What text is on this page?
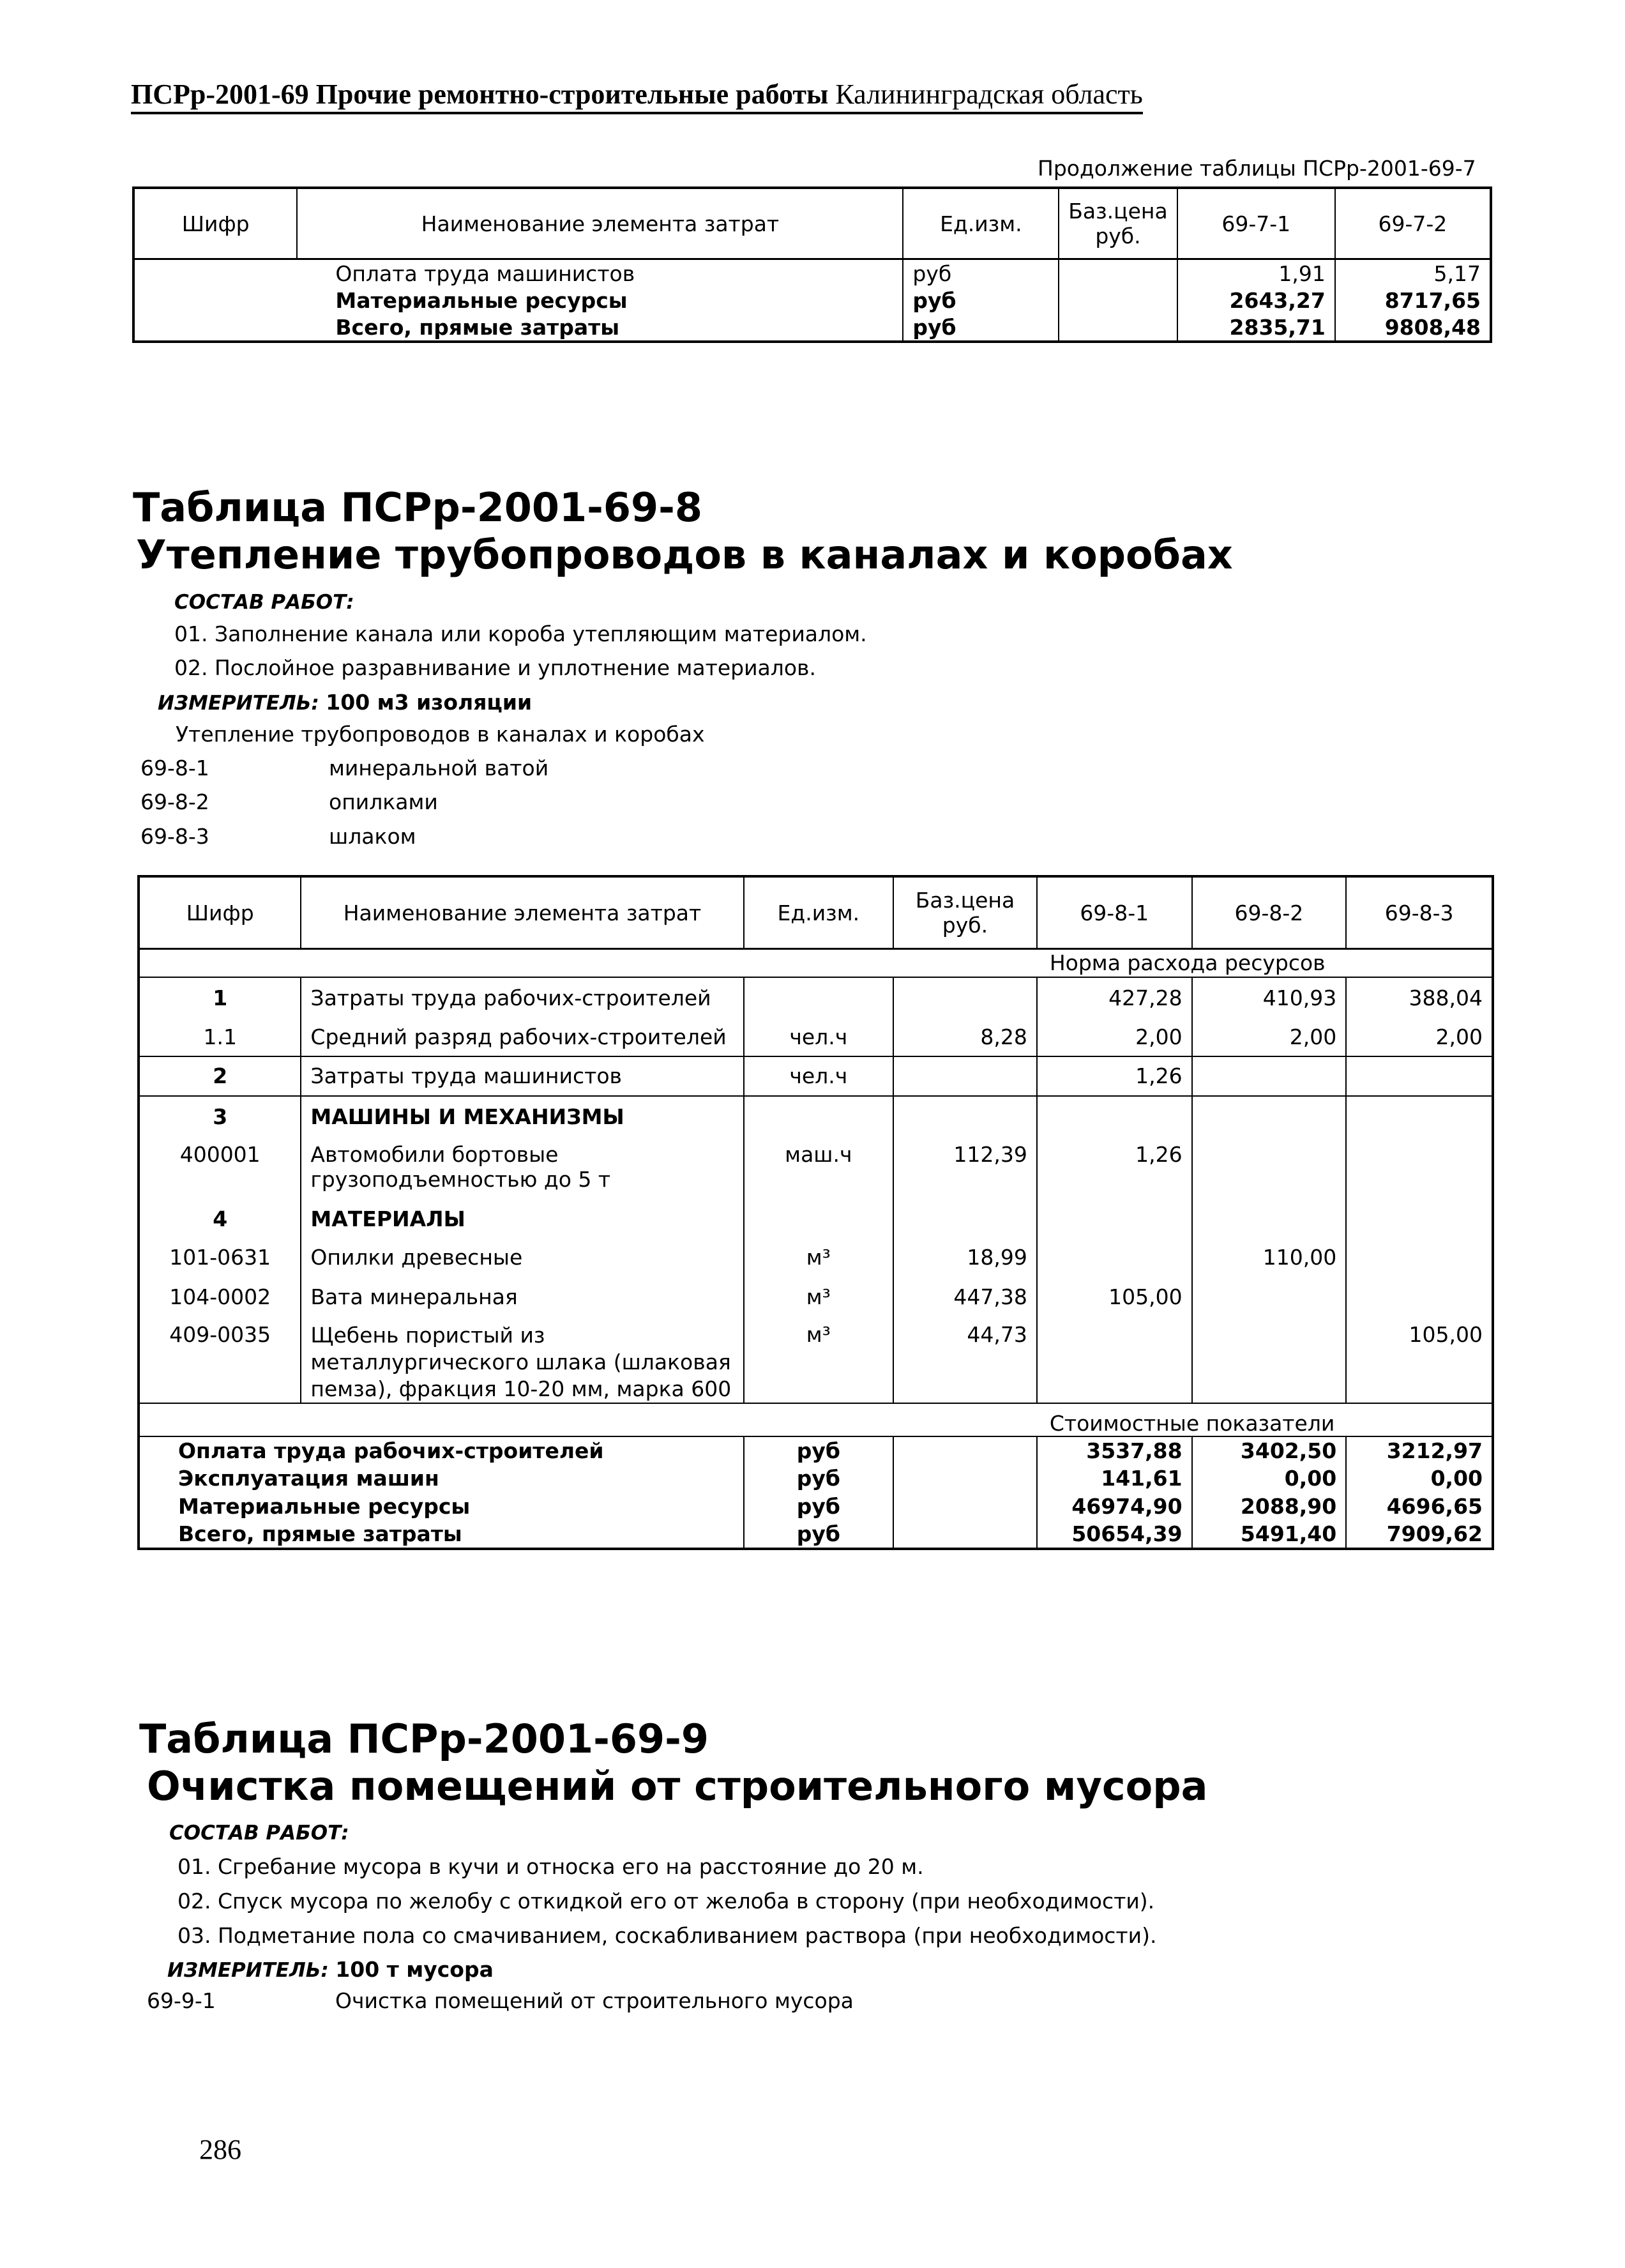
ПСРр-2001-69 Прочие ремонтно-строительные работы Калининградская область
Продолжение таблицы ПСРр-2001-69-7
Шифр	Наименование элемента затрат	Ед.изм.	Баз.цена руб.	69-7-1	69-7-2
	Оплата труда машинистов	руб		1,91	5,17
	Материальные ресурсы	руб		2643,27	8717,65
	Всего, прямые затраты	руб		2835,71	9808,48
Таблица ПСРр-2001-69-8
Утепление трубопроводов в каналах и коробах
СОСТАВ РАБОТ:
01. Заполнение канала или короба утепляющим материалом.
02. Послойное разравнивание и уплотнение материалов.
ИЗМЕРИТЕЛЬ: 100 м3 изоляции
Утепление трубопроводов в каналах и коробах
69-8-1	минеральной ватой
69-8-2	опилками
69-8-3	шлаком
Шифр	Наименование элемента затрат	Ед.изм.	Баз.цена руб.	69-8-1	69-8-2	69-8-3
				Норма расхода ресурсов		
1	Затраты труда рабочих-строителей			427,28	410,93	388,04
1.1	Средний разряд рабочих-строителей	чел.ч	8,28	2,00	2,00	2,00
2	Затраты труда машинистов	чел.ч		1,26		
3	МАШИНЫ И МЕХАНИЗМЫ					
400001	Автомобили бортовые грузоподъемностью до 5 т	маш.ч	112,39	1,26		
4	МАТЕРИАЛЫ					
101-0631	Опилки древесные	м³	18,99		110,00	
104-0002	Вата минеральная	м³	447,38	105,00		
409-0035	Щебень пористый из металлургического шлака (шлаковая пемза), фракция 10-20 мм, марка 600	м³	44,73			105,00
				Стоимостные показатели		
Оплата труда рабочих-строителей		руб		3537,88	3402,50	3212,97
Эксплуатация машин		руб		141,61	0,00	0,00
Материальные ресурсы		руб		46974,90	2088,90	4696,65
Всего, прямые затраты		руб		50654,39	5491,40	7909,62
Таблица ПСРр-2001-69-9
Очистка помещений от строительного мусора
СОСТАВ РАБОТ:
01. Сгребание мусора в кучи и относка его на расстояние до 20 м.
02. Спуск мусора по желобу с откидкой его от желоба в сторону (при необходимости).
03. Подметание пола со смачиванием, соскабливанием раствора (при необходимости).
ИЗМЕРИТЕЛЬ: 100 т мусора
69-9-1	Очистка помещений от строительного мусора
286
